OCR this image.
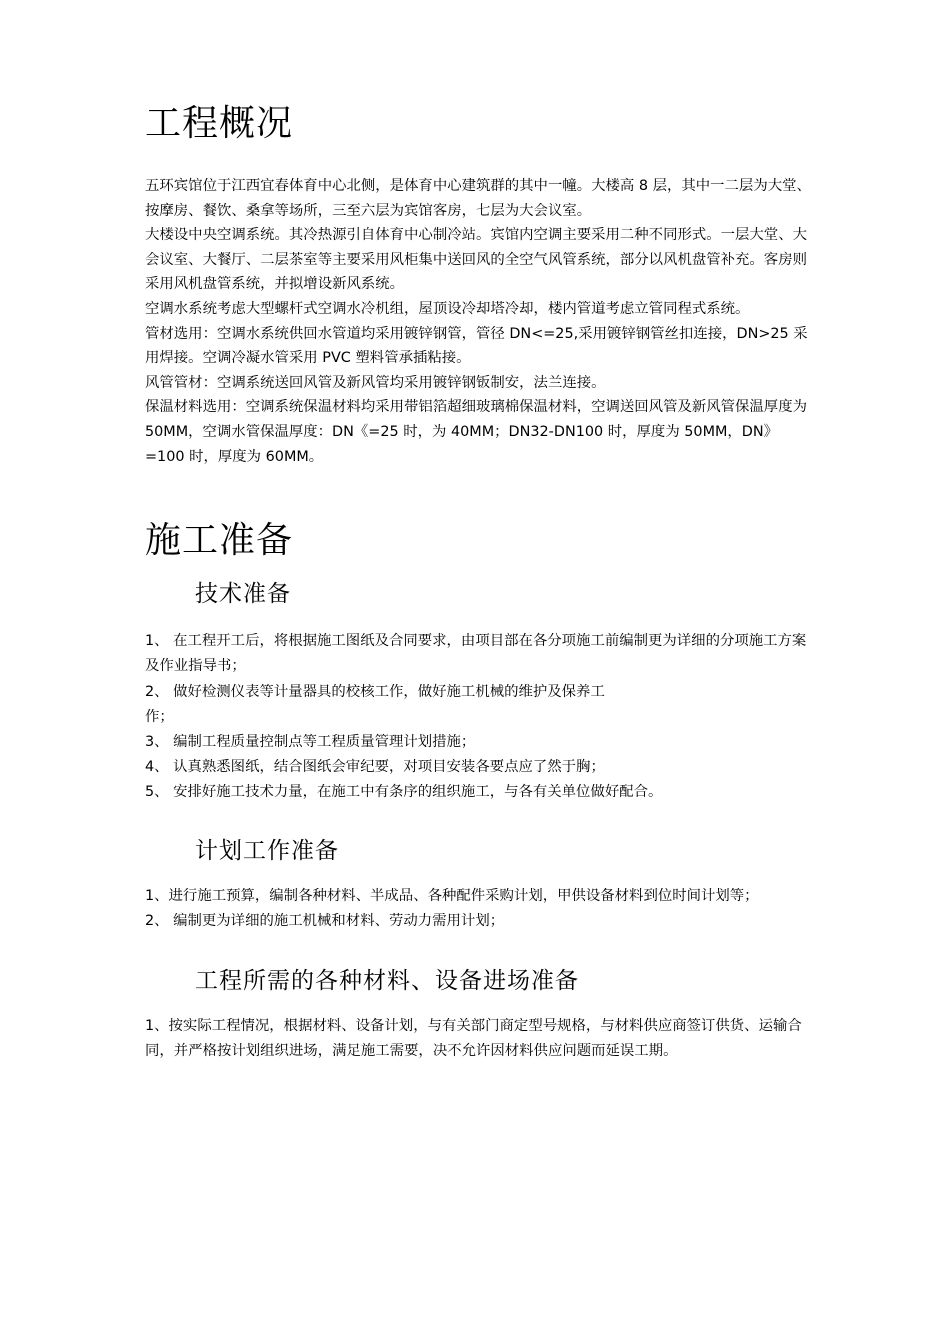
工程概况

五环宾馆位于江西宜春体育中心北侧，是体育中心建筑群的其中一幢。大楼高 8 层，其中一二层为大堂、按摩房、餐饮、桑拿等场所，三至六层为宾馆客房，七层为大会议室。

大楼设中央空调系统。其冷热源引自体育中心制冷站。宾馆内空调主要采用二种不同形式。一层大堂、大会议室、大餐厅、二层茶室等主要采用风柜集中送回风的全空气风管系统，部分以风机盘管补充。客房则采用风机盘管系统，并拟增设新风系统。

空调水系统考虑大型螺杆式空调水冷机组，屋顶设冷却塔冷却，楼内管道考虑立管同程式系统。

管材选用：空调水系统供回水管道均采用镀锌钢管，管径 DN<=25,采用镀锌钢管丝扣连接，DN>25 采用焊接。空调冷凝水管采用 PVC 塑料管承插粘接。

风管管材：空调系统送回风管及新风管均采用镀锌钢钣制安，法兰连接。

保温材料选用：空调系统保温材料均采用带铝箔超细玻璃棉保温材料，空调送回风管及新风管保温厚度为 50MM，空调水管保温厚度：DN《=25 时，为 40MM；DN32-DN100 时，厚度为 50MM，DN》=100 时，厚度为 60MM。

施工准备
技术准备

1、 在工程开工后，将根据施工图纸及合同要求，由项目部在各分项施工前编制更为详细的分项施工方案及作业指导书；

2、 做好检测仪表等计量器具的校核工作，做好施工机械的维护及保养工

作；

3、 编制工程质量控制点等工程质量管理计划措施；

4、 认真熟悉图纸，结合图纸会审纪要，对项目安装各要点应了然于胸；

5、 安排好施工技术力量，在施工中有条序的组织施工，与各有关单位做好配合。

计划工作准备

1、进行施工预算，编制各种材料、半成品、各种配件采购计划，甲供设备材料到位时间计划等；

2、 编制更为详细的施工机械和材料、劳动力需用计划；

工程所需的各种材料、设备进场准备

1、按实际工程情况，根据材料、设备计划，与有关部门商定型号规格，与材料供应商签订供货、运输合同，并严格按计划组织进场，满足施工需要，决不允许因材料供应问题而延误工期。
